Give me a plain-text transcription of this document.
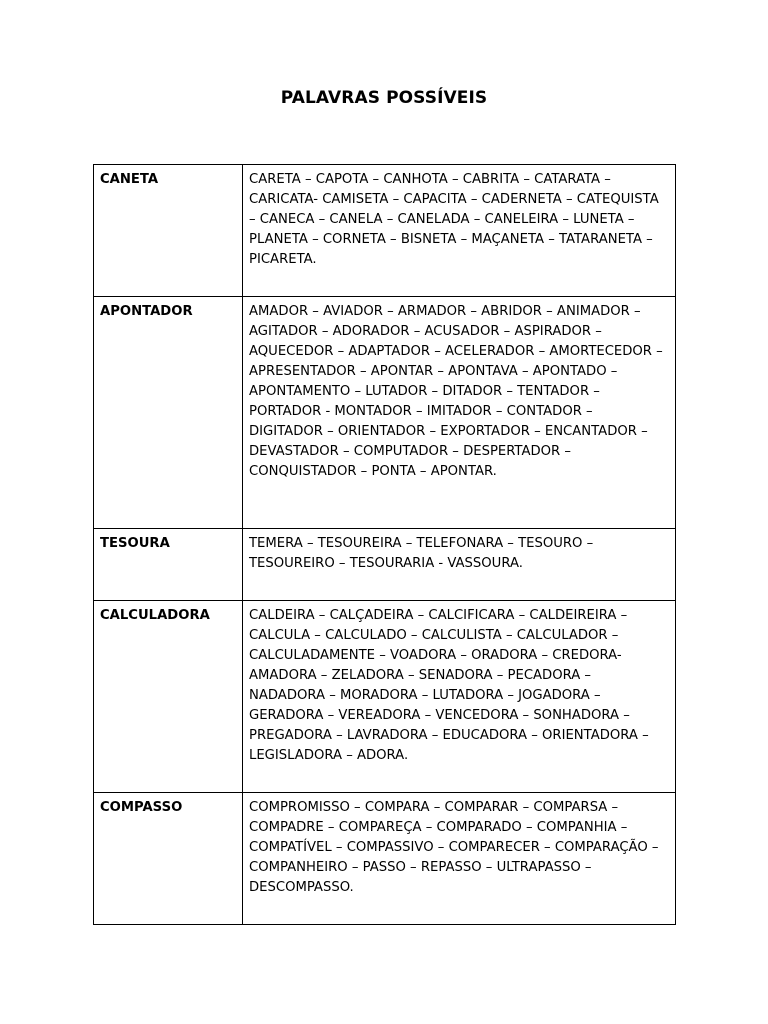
PALAVRAS POSSÍVEIS
CANETA	CARETA – CAPOTA – CANHOTA – CABRITA – CATARATA – CARICATA- CAMISETA – CAPACITA – CADERNETA – CATEQUISTA – CANECA – CANELA – CANELADA – CANELEIRA – LUNETA – PLANETA – CORNETA – BISNETA – MAÇANETA – TATARANETA – PICARETA.
APONTADOR	AMADOR – AVIADOR – ARMADOR – ABRIDOR – ANIMADOR – AGITADOR – ADORADOR – ACUSADOR – ASPIRADOR – AQUECEDOR – ADAPTADOR – ACELERADOR – AMORTECEDOR – APRESENTADOR – APONTAR – APONTAVA – APONTADO – APONTAMENTO – LUTADOR – DITADOR – TENTADOR – PORTADOR - MONTADOR – IMITADOR – CONTADOR – DIGITADOR – ORIENTADOR – EXPORTADOR – ENCANTADOR – DEVASTADOR – COMPUTADOR – DESPERTADOR – CONQUISTADOR – PONTA – APONTAR.
TESOURA	TEMERA – TESOUREIRA – TELEFONARA – TESOURO – TESOUREIRO – TESOURARIA - VASSOURA.
CALCULADORA	CALDEIRA – CALÇADEIRA – CALCIFICARA – CALDEIREIRA – CALCULA – CALCULADO – CALCULISTA – CALCULADOR – CALCULADAMENTE – VOADORA – ORADORA – CREDORA- AMADORA – ZELADORA – SENADORA – PECADORA – NADADORA – MORADORA – LUTADORA – JOGADORA – GERADORA – VEREADORA – VENCEDORA – SONHADORA – PREGADORA – LAVRADORA – EDUCADORA – ORIENTADORA – LEGISLADORA – ADORA.
COMPASSO	COMPROMISSO – COMPARA – COMPARAR – COMPARSA – COMPADRE – COMPAREÇA – COMPARADO – COMPANHIA – COMPATÍVEL – COMPASSIVO – COMPARECER – COMPARAÇÃO – COMPANHEIRO – PASSO – REPASSO – ULTRAPASSO – DESCOMPASSO.
